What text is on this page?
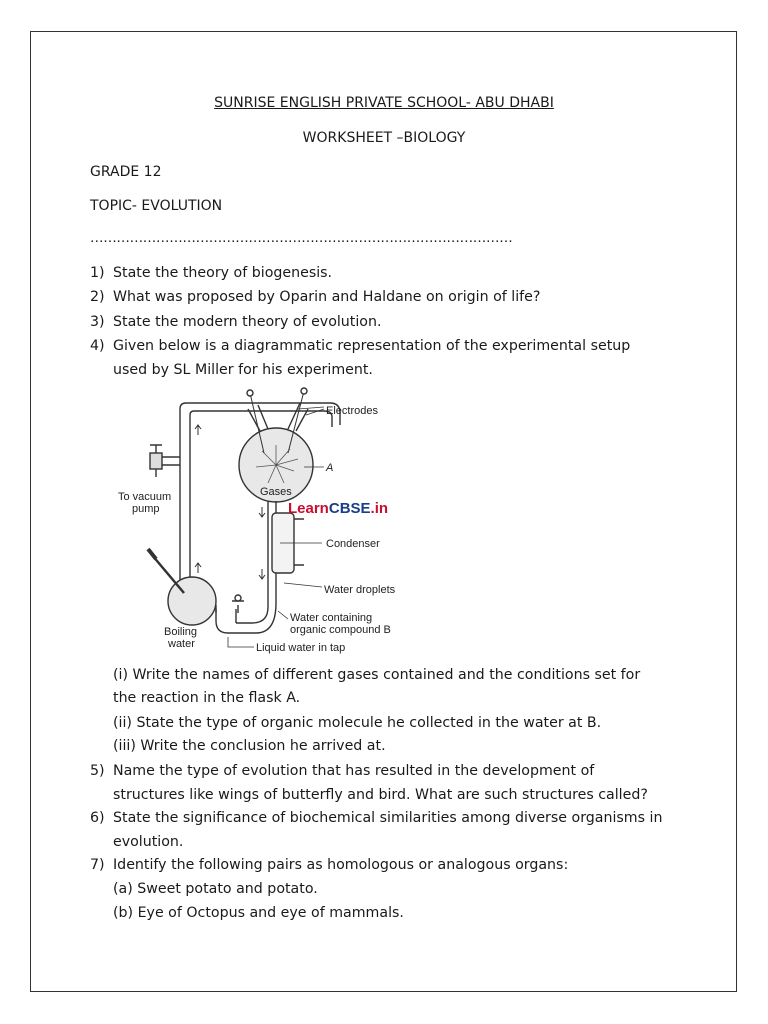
SUNRISE ENGLISH PRIVATE SCHOOL- ABU DHABI
WORKSHEET –BIOLOGY
GRADE 12
TOPIC- EVOLUTION
……………………………………………………………………………………
1) State the theory of biogenesis.
2) What was proposed by Oparin and Haldane on origin of life?
3) State the modern theory of evolution.
4) Given below is a diagrammatic representation of the experimental setup
used by SL Miller for his experiment.
Electrodes
A
Gases
To vacuum
pump
Condenser
Water droplets
Water containing
organic compound B
Boiling
water	Liquid water in tap
LearnCBSE.in
(i) Write the names of different gases contained and the conditions set for
the reaction in the flask A.
(ii) State the type of organic molecule he collected in the water at B.
(iii) Write the conclusion he arrived at.
5) Name the type of evolution that has resulted in the development of
structures like wings of butterfly and bird. What are such structures called?
6) State the significance of biochemical similarities among diverse organisms in
evolution.
7) Identify the following pairs as homologous or analogous organs:
(a) Sweet potato and potato.
(b) Eye of Octopus and eye of mammals.
